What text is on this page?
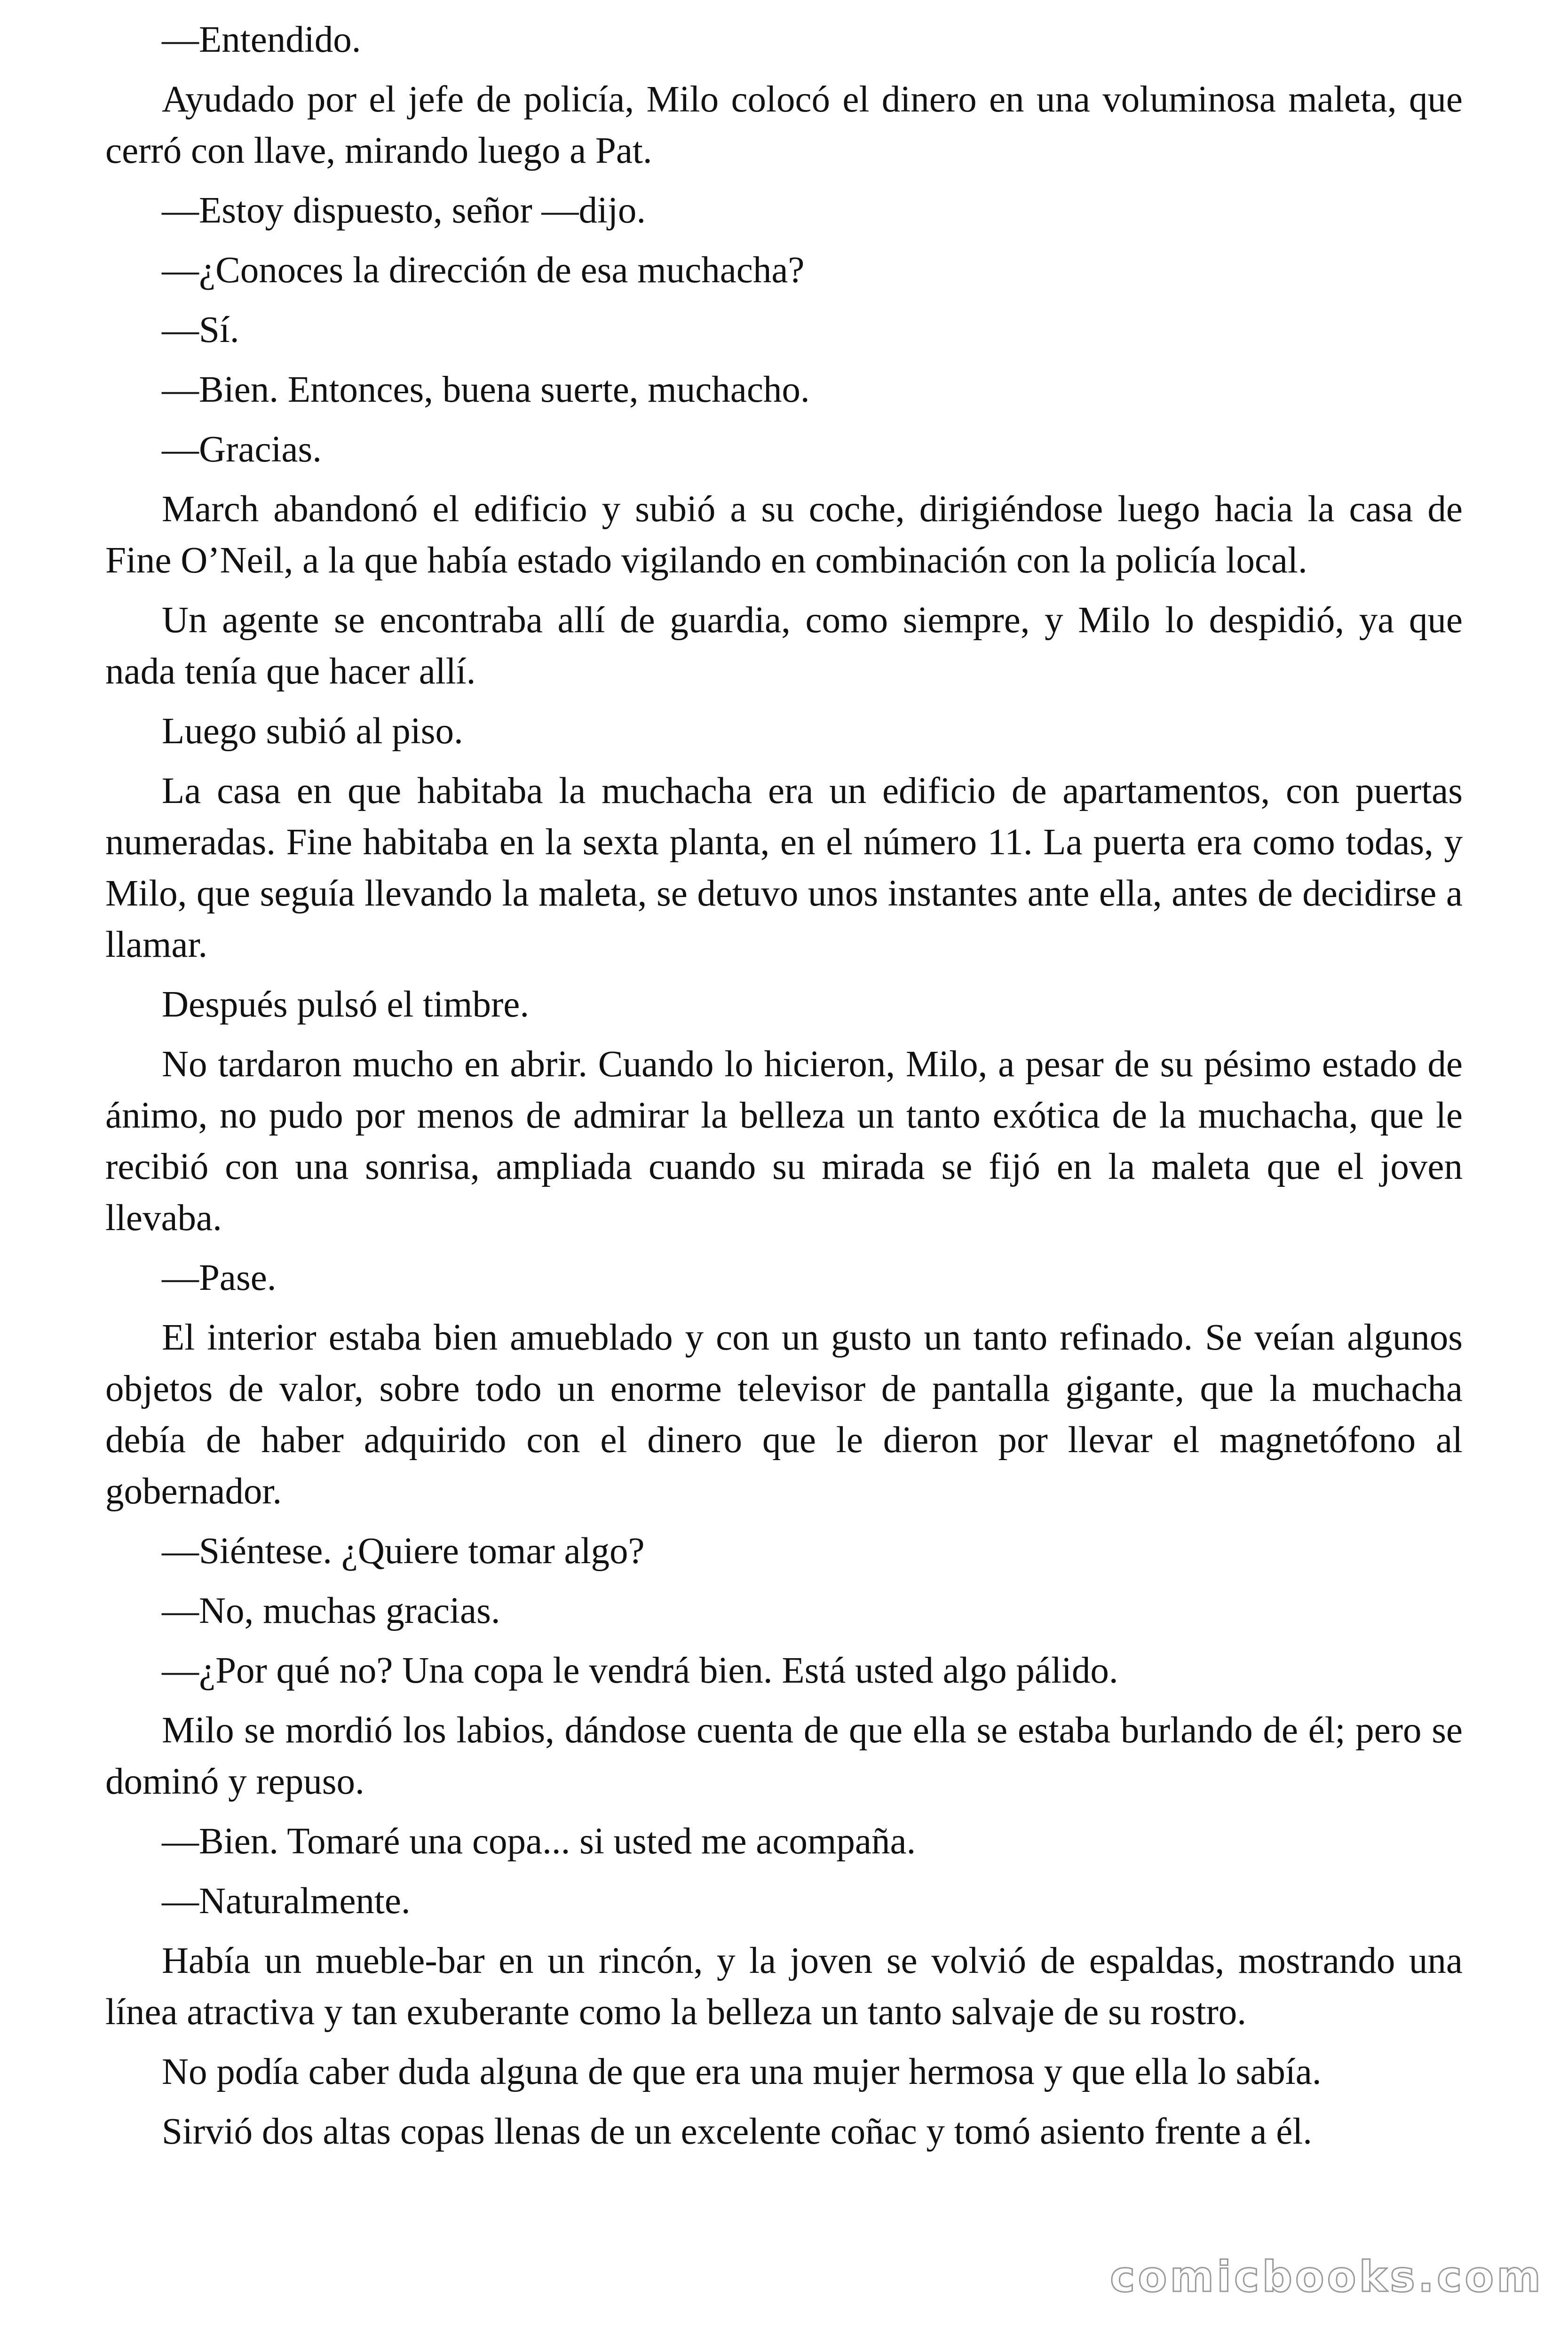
—Entendido.

Ayudado por el jefe de policía, Milo colocó el dinero en una voluminosa maleta, que cerró con llave, mirando luego a Pat.

—Estoy dispuesto, señor —dijo.

—¿Conoces la dirección de esa muchacha?

—Sí.

—Bien. Entonces, buena suerte, muchacho.

—Gracias.

March abandonó el edificio y subió a su coche, dirigiéndose luego hacia la casa de Fine O’Neil, a la que había estado vigilando en combinación con la policía local.

Un agente se encontraba allí de guardia, como siempre, y Milo lo despidió, ya que nada tenía que hacer allí.

Luego subió al piso.

La casa en que habitaba la muchacha era un edificio de apartamentos, con puertas numeradas. Fine habitaba en la sexta planta, en el número 11. La puerta era como todas, y Milo, que seguía llevando la maleta, se detuvo unos instantes ante ella, antes de decidirse a llamar.

Después pulsó el timbre.

No tardaron mucho en abrir. Cuando lo hicieron, Milo, a pesar de su pésimo estado de ánimo, no pudo por menos de admirar la belleza un tanto exótica de la muchacha, que le recibió con una sonrisa, ampliada cuando su mirada se fijó en la maleta que el joven llevaba.

—Pase.

El interior estaba bien amueblado y con un gusto un tanto refinado. Se veían algunos objetos de valor, sobre todo un enorme televisor de pantalla gigante, que la muchacha debía de haber adquirido con el dinero que le dieron por llevar el magnetófono al gobernador.

—Siéntese. ¿Quiere tomar algo?

—No, muchas gracias.

—¿Por qué no? Una copa le vendrá bien. Está usted algo pálido.

Milo se mordió los labios, dándose cuenta de que ella se estaba burlando de él; pero se dominó y repuso.

—Bien. Tomaré una copa... si usted me acompaña.

—Naturalmente.

Había un mueble-bar en un rincón, y la joven se volvió de espaldas, mostrando una línea atractiva y tan exuberante como la belleza un tanto salvaje de su rostro.

No podía caber duda alguna de que era una mujer hermosa y que ella lo sabía.

Sirvió dos altas copas llenas de un excelente coñac y tomó asiento frente a él.

comicbooks.com
